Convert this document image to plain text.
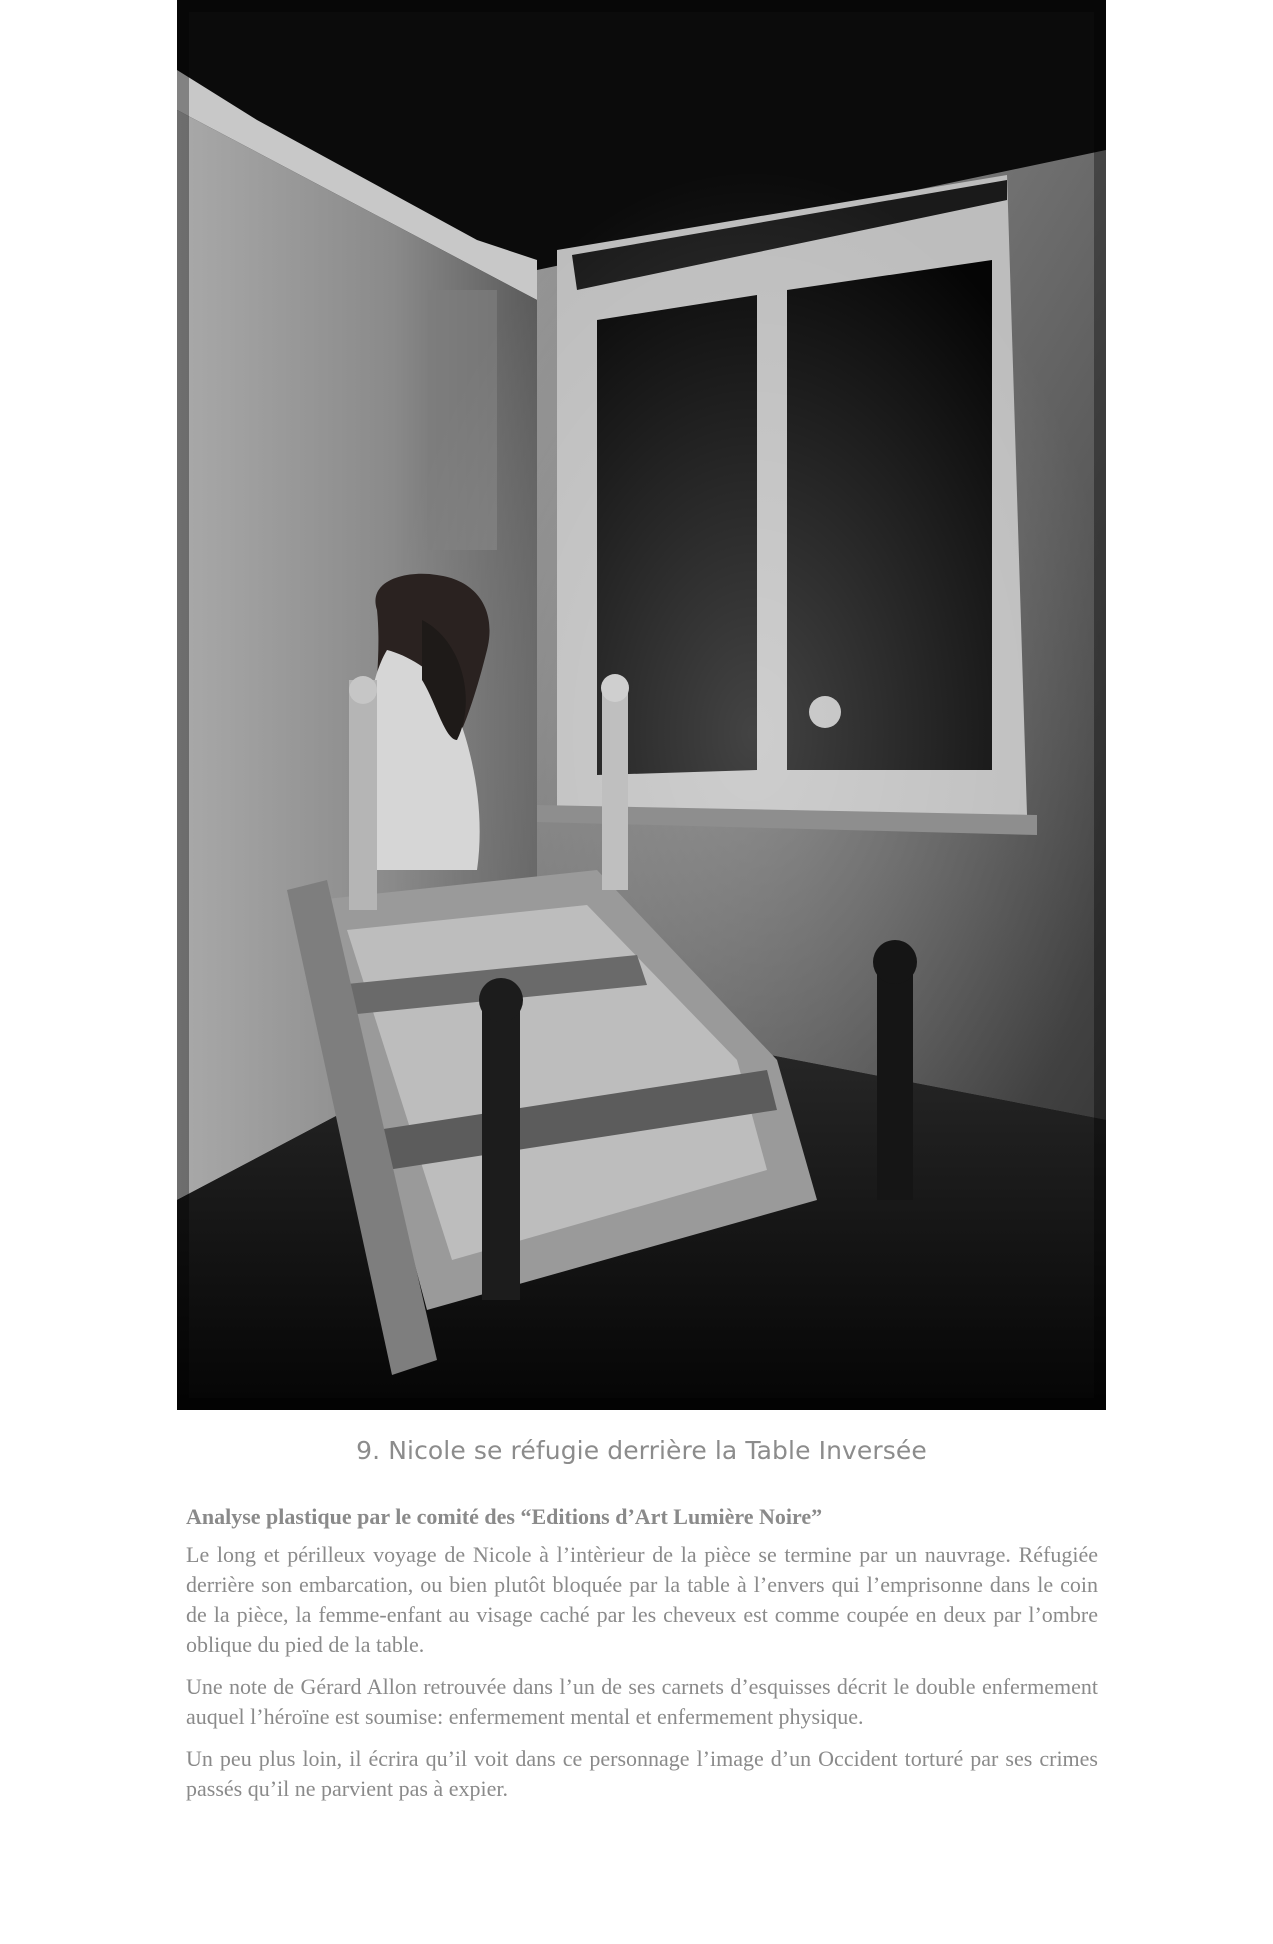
9. Nicole se réfugie derrière la Table Inversée
Analyse plastique par le comité des “Editions d’Art Lumière Noire”

Le long et périlleux voyage de Nicole à l’intèrieur de la pièce se termine par un nauvrage. Réfugiée derrière son embarcation, ou bien plutôt bloquée par la table à l’envers qui l’emprisonne dans le coin de la pièce, la femme-enfant au visage caché par les cheveux est comme coupée en deux par l’ombre oblique du pied de la table.

Une note de Gérard Allon retrouvée dans l’un de ses carnets d’esquisses décrit le double enfermement auquel l’héroïne est soumise: enfermement mental et enfermement physique.

Un peu plus loin, il écrira qu’il voit dans ce personnage l’image d’un Occident torturé par ses crimes passés qu’il ne parvient pas à expier.
